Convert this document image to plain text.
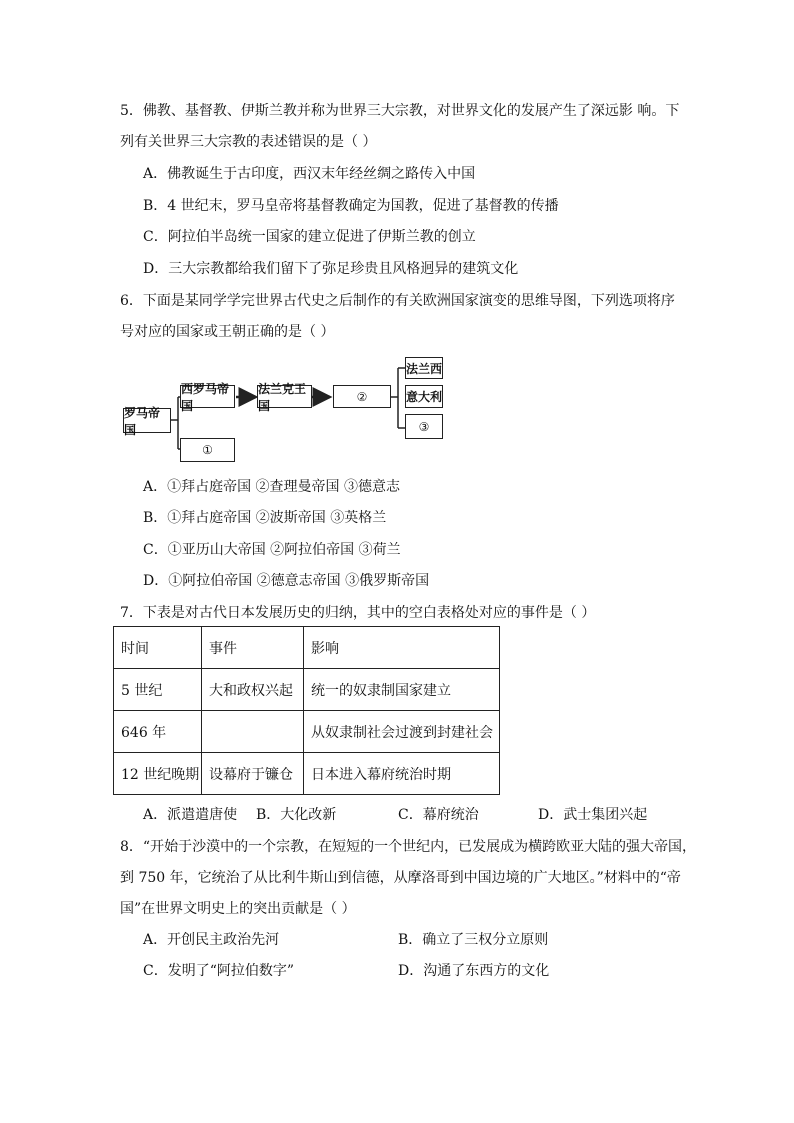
5．佛教、基督教、伊斯兰教并称为世界三大宗教，对世界文化的发展产生了深远影 响。下
列有关世界三大宗教的表述错误的是（ ）
A．佛教诞生于古印度，西汉末年经丝绸之路传入中国
B．4 世纪末，罗马皇帝将基督教确定为国教，促进了基督教的传播
C．阿拉伯半岛统一国家的建立促进了伊斯兰教的创立
D．三大宗教都给我们留下了弥足珍贵且风格迥异的建筑文化
6．下面是某同学学完世界古代史之后制作的有关欧洲国家演变的思维导图，下列选项将序
号对应的国家或王朝正确的是（ ）
罗马帝国
西罗马帝国
①
法兰克王国
②
法兰西
意大利
③
A．①拜占庭帝国 ②查理曼帝国 ③德意志
B．①拜占庭帝国 ②波斯帝国 ③英格兰
C．①亚历山大帝国 ②阿拉伯帝国 ③荷兰
D．①阿拉伯帝国 ②德意志帝国 ③俄罗斯帝国
7．下表是对古代日本发展历史的归纳，其中的空白表格处对应的事件是（ ）
时间	事件	影响
5 世纪	大和政权兴起	统一的奴隶制国家建立
646 年		从奴隶制社会过渡到封建社会
12 世纪晚期	设幕府于镰仓	日本进入幕府统治时期
A．派遣遣唐使 B．大化改新	C．幕府统治	D．武士集团兴起
8．“开始于沙漠中的一个宗教，在短短的一个世纪内，已发展成为横跨欧亚大陆的强大帝国，
到 750 年，它统治了从比利牛斯山到信德，从摩洛哥到中国边境的广大地区。”材料中的“帝
国”在世界文明史上的突出贡献是（ ）
A．开创民主政治先河	B．确立了三权分立原则
C．发明了“阿拉伯数字”	D．沟通了东西方的文化
